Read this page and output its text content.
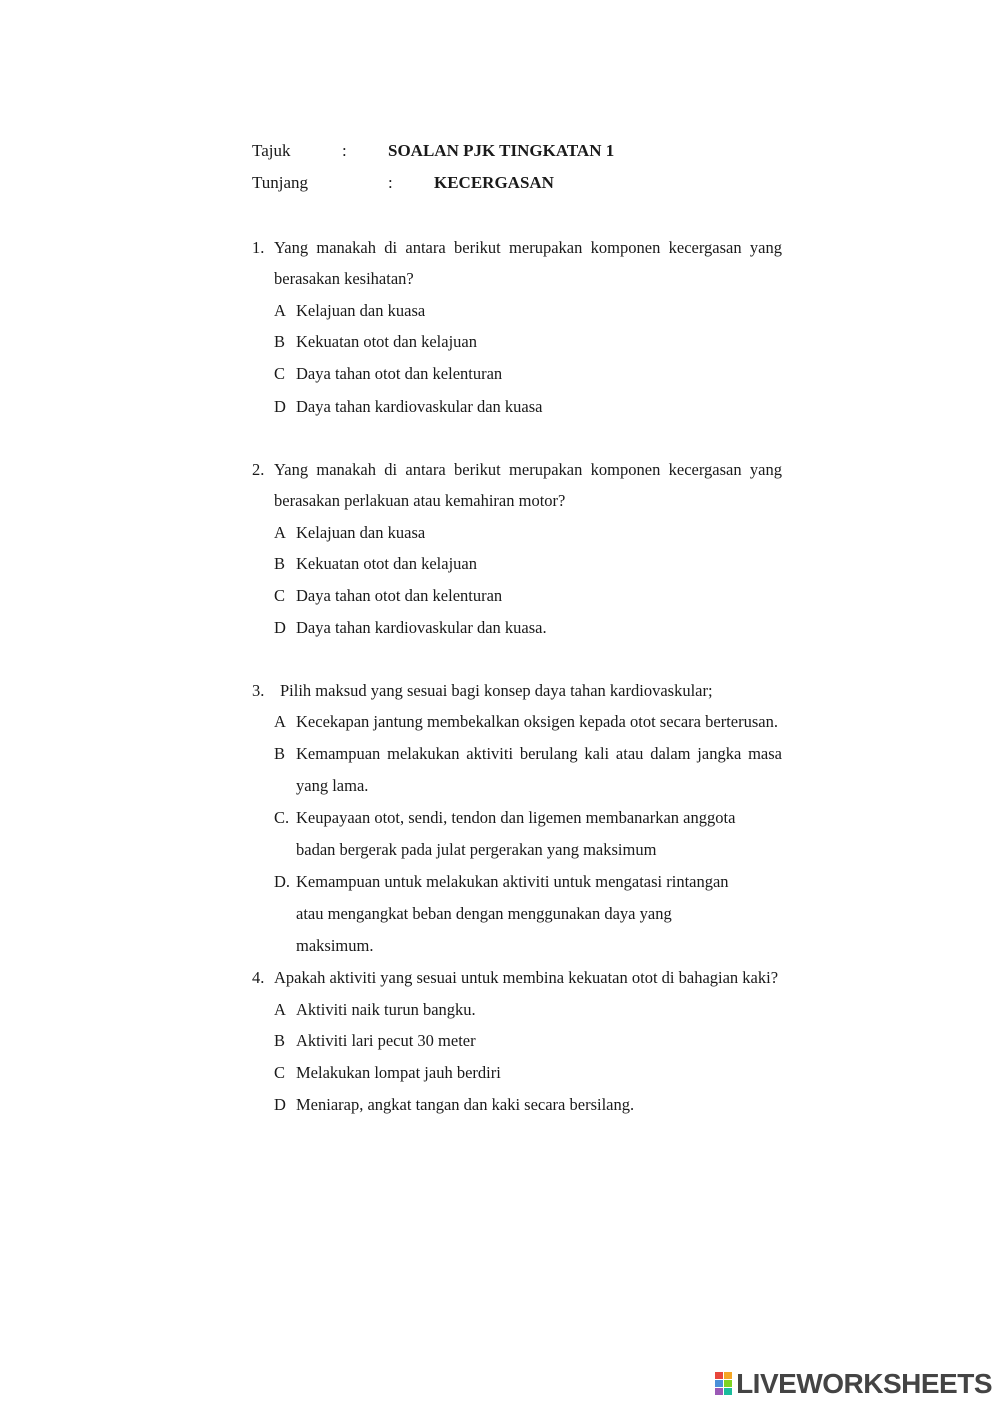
Tajuk	: SOALAN PJK TINGKATAN 1
Tunjang	: KECERGASAN
1. Yang manakah di antara berikut merupakan komponen kecergasan yang berasakan kesihatan?
A Kelajuan dan kuasa
B Kekuatan otot dan kelajuan
C Daya tahan otot dan kelenturan
D Daya tahan kardiovaskular dan kuasa
2. Yang manakah di antara berikut merupakan komponen kecergasan yang berasakan perlakuan atau kemahiran motor?
A Kelajuan dan kuasa
B Kekuatan otot dan kelajuan
C Daya tahan otot dan kelenturan
D Daya tahan kardiovaskular dan kuasa.
3. Pilih maksud yang sesuai bagi konsep daya tahan kardiovaskular;
A Kecekapan jantung membekalkan oksigen kepada otot secara berterusan.
B Kemampuan melakukan aktiviti berulang kali atau dalam jangka masa yang lama.
C. Keupayaan otot, sendi, tendon dan ligemen membanarkan anggota badan bergerak pada julat pergerakan yang maksimum
D. Kemampuan untuk melakukan aktiviti untuk mengatasi rintangan atau mengangkat beban dengan menggunakan daya yang maksimum.
4. Apakah aktiviti yang sesuai untuk membina kekuatan otot di bahagian kaki?
A Aktiviti naik turun bangku.
B Aktiviti lari pecut 30 meter
C Melakukan lompat jauh berdiri
D Meniarap, angkat tangan dan kaki secara bersilang.
LIVEWORKSHEETS
